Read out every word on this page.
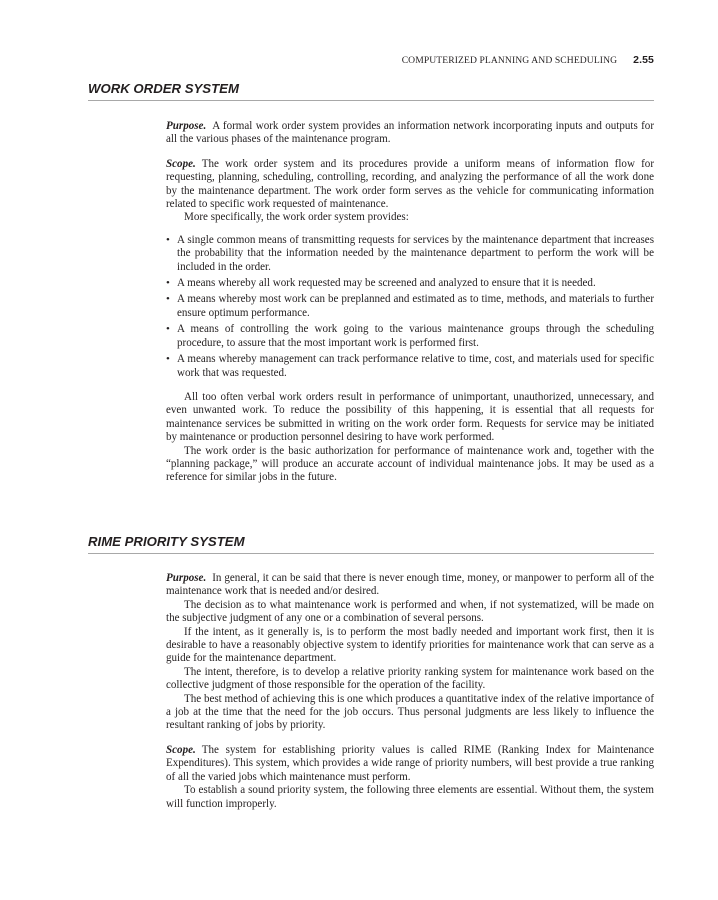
COMPUTERIZED PLANNING AND SCHEDULING 2.55
WORK ORDER SYSTEM

Purpose. A formal work order system provides an information network incorporating inputs and outputs for all the various phases of the maintenance program.

Scope. The work order system and its procedures provide a uniform means of information flow for requesting, planning, scheduling, controlling, recording, and analyzing the performance of all the work done by the maintenance department. The work order form serves as the vehicle for communicating information related to specific work requested of maintenance.

More specifically, the work order system provides:

• A single common means of transmitting requests for services by the maintenance department that increases the probability that the information needed by the maintenance department to perform the work will be included in the order.
• A means whereby all work requested may be screened and analyzed to ensure that it is needed.
• A means whereby most work can be preplanned and estimated as to time, methods, and materials to further ensure optimum performance.
• A means of controlling the work going to the various maintenance groups through the scheduling procedure, to assure that the most important work is performed first.
• A means whereby management can track performance relative to time, cost, and materials used for specific work that was requested.

All too often verbal work orders result in performance of unimportant, unauthorized, unnecessary, and even unwanted work. To reduce the possibility of this happening, it is essential that all requests for maintenance services be submitted in writing on the work order form. Requests for service may be initiated by maintenance or production personnel desiring to have work performed.

The work order is the basic authorization for performance of maintenance work and, together with the “planning package,” will produce an accurate account of individual maintenance jobs. It may be used as a reference for similar jobs in the future.

RIME PRIORITY SYSTEM

Purpose. In general, it can be said that there is never enough time, money, or manpower to perform all of the maintenance work that is needed and/or desired.

The decision as to what maintenance work is performed and when, if not systematized, will be made on the subjective judgment of any one or a combination of several persons.

If the intent, as it generally is, is to perform the most badly needed and important work first, then it is desirable to have a reasonably objective system to identify priorities for maintenance work that can serve as a guide for the maintenance department.

The intent, therefore, is to develop a relative priority ranking system for maintenance work based on the collective judgment of those responsible for the operation of the facility.

The best method of achieving this is one which produces a quantitative index of the relative importance of a job at the time that the need for the job occurs. Thus personal judgments are less likely to influence the resultant ranking of jobs by priority.

Scope. The system for establishing priority values is called RIME (Ranking Index for Maintenance Expenditures). This system, which provides a wide range of priority numbers, will best provide a true ranking of all the varied jobs which maintenance must perform.

To establish a sound priority system, the following three elements are essential. Without them, the system will function improperly.
